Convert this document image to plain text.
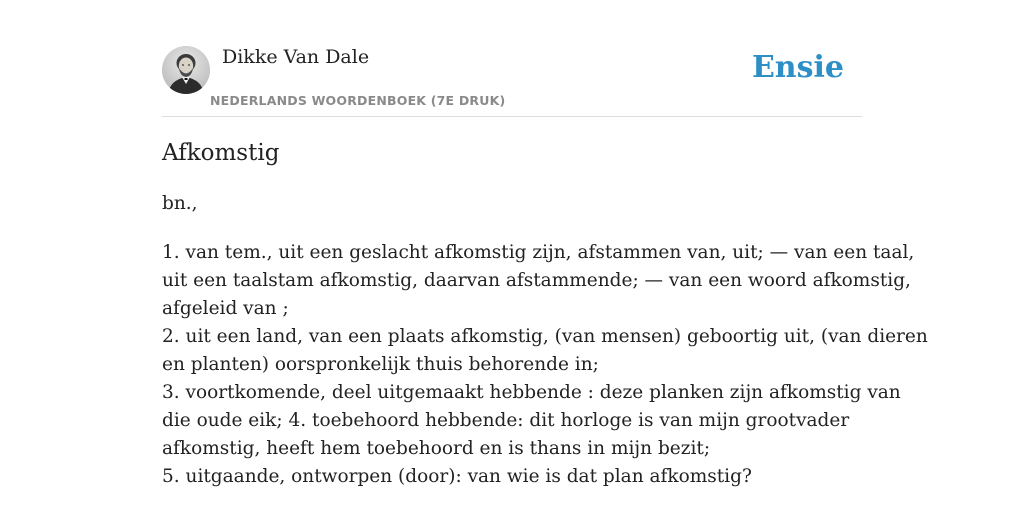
Dikke Van Dale
NEDERLANDS WOORDENBOEK (7E DRUK)
Ensie
Afkomstig
bn.,
1. van tem., uit een geslacht afkomstig zijn, afstammen van, uit; — van een taal,
uit een taalstam afkomstig, daarvan afstammende; — van een woord afkomstig,
afgeleid van ;
2. uit een land, van een plaats afkomstig, (van mensen) geboortig uit, (van dieren
en planten) oorspronkelijk thuis behorende in;
3. voortkomende, deel uitgemaakt hebbende : deze planken zijn afkomstig van
die oude eik; 4. toebehoord hebbende: dit horloge is van mijn grootvader
afkomstig, heeft hem toebehoord en is thans in mijn bezit;
5. uitgaande, ontworpen (door): van wie is dat plan afkomstig?
